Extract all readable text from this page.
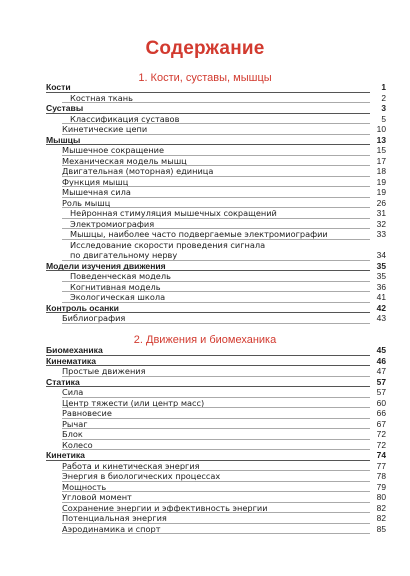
Содержание
1. Кости, суставы, мышцы
Кости	1
Костная ткань	2
Суставы	3
Классификация суставов	5
Кинетические цепи	10
Мышцы	13
Мышечное сокращение	15
Механическая модель мышц	17
Двигательная (моторная) единица	18
Функция мышц	19
Мышечная сила	19
Роль мышц	26
Нейронная стимуляция мышечных сокращений	31
Электромиография	32
Мышцы, наиболее часто подвергаемые электромиографии	33
Исследование скорости проведения сигнала
по двигательному нерву	34
Модели изучения движения	35
Поведенческая модель	35
Когнитивная модель	36
Экологическая школа	41
Контроль осанки	42
Библиография	43
2. Движения и биомеханика
Биомеханика	45
Кинематика	46
Простые движения	47
Статика	57
Сила	57
Центр тяжести (или центр масс)	60
Равновесие	66
Рычаг	67
Блок	72
Колесо	72
Кинетика	74
Работа и кинетическая энергия	77
Энергия в биологических процессах	78
Мощность	79
Угловой момент	80
Сохранение энергии и эффективность энергии	82
Потенциальная энергия	82
Аэродинамика и спорт	85
